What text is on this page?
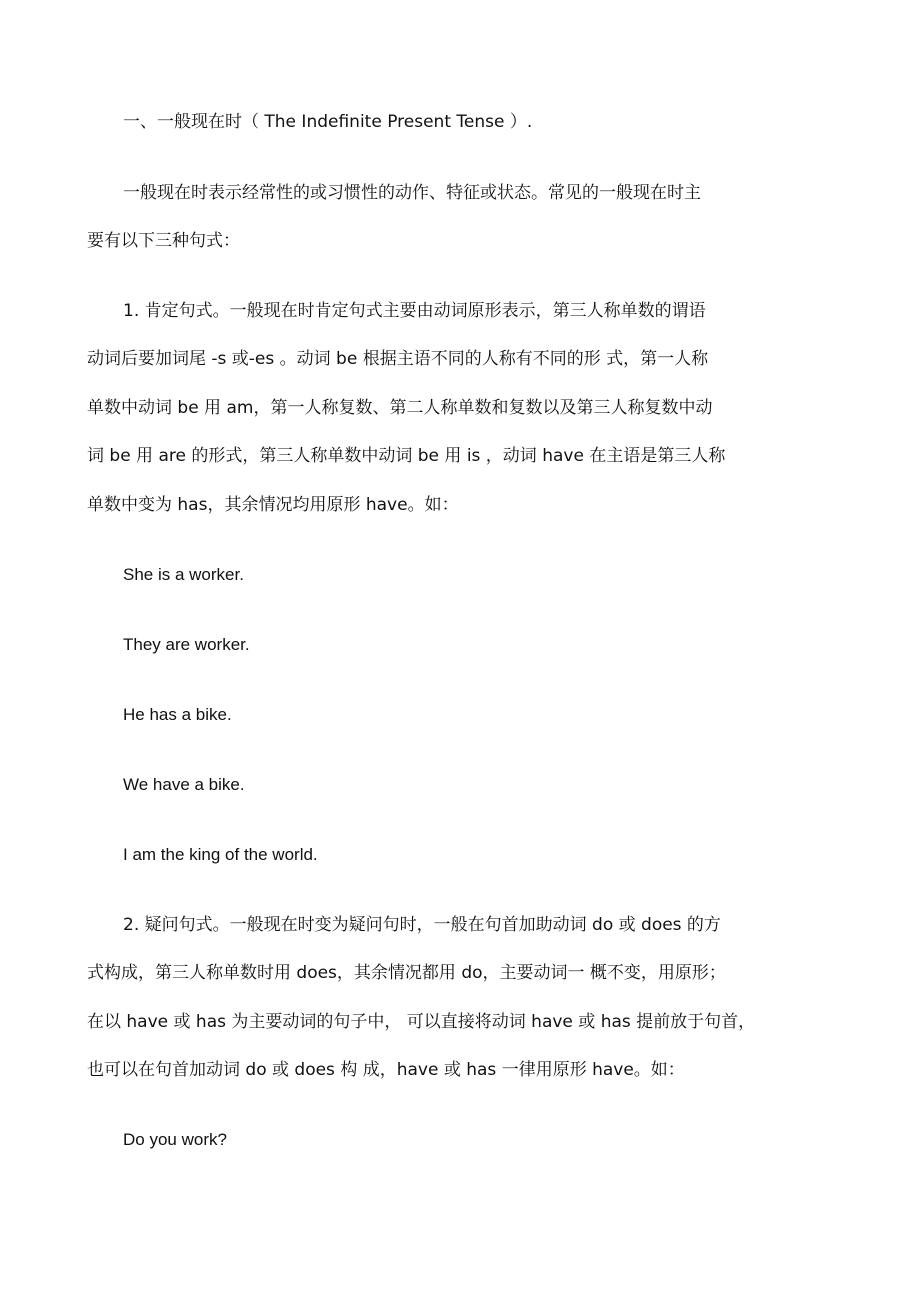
一、一般现在时（ The Indefinite Present Tense ）.
一般现在时表示经常性的或习惯性的动作、特征或状态。常见的一般现在时主
要有以下三种句式：
1. 肯定句式。一般现在时肯定句式主要由动词原形表示，第三人称单数的谓语
动词后要加词尾 -s 或-es 。动词 be 根据主语不同的人称有不同的形 式，第一人称
单数中动词 be 用 am，第一人称复数、第二人称单数和复数以及第三人称复数中动
词 be 用 are 的形式，第三人称单数中动词 be 用 is ，动词 have 在主语是第三人称
单数中变为 has，其余情况均用原形 have。如：
She is a worker.
They are worker.
He has a bike.
We have a bike.
I am the king of the world.
2. 疑问句式。一般现在时变为疑问句时，一般在句首加助动词 do 或 does 的方
式构成，第三人称单数时用 does，其余情况都用 do，主要动词一 概不变，用原形；
在以 have 或 has 为主要动词的句子中， 可以直接将动词 have 或 has 提前放于句首，
也可以在句首加动词 do 或 does 构 成，have 或 has 一律用原形 have。如：
Do you work?
